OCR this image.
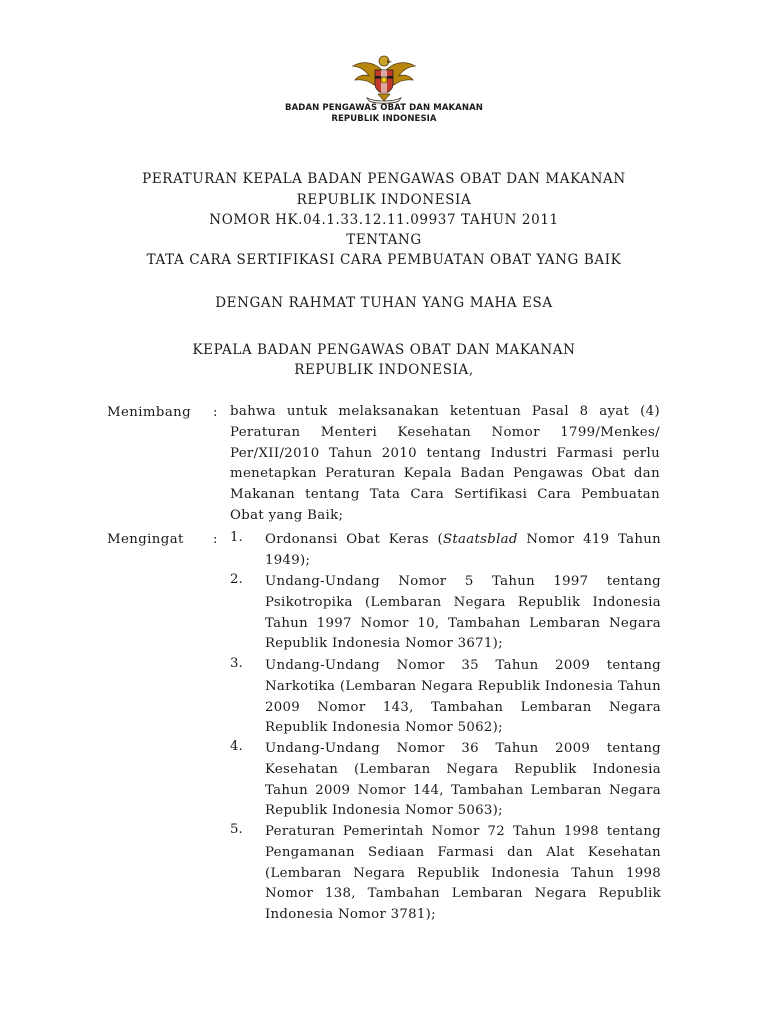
BADAN PENGAWAS OBAT DAN MAKANAN
REPUBLIK INDONESIA
PERATURAN KEPALA BADAN PENGAWAS OBAT DAN MAKANAN
REPUBLIK INDONESIA
NOMOR HK.04.1.33.12.11.09937 TAHUN 2011
TENTANG
TATA CARA SERTIFIKASI CARA PEMBUATAN OBAT YANG BAIK
DENGAN RAHMAT TUHAN YANG MAHA ESA
KEPALA BADAN PENGAWAS OBAT DAN MAKANAN
REPUBLIK INDONESIA,
Menimbang : bahwa untuk melaksanakan ketentuan Pasal 8 ayat (4) Peraturan Menteri Kesehatan Nomor 1799/Menkes/ Per/XII/2010 Tahun 2010 tentang Industri Farmasi perlu menetapkan Peraturan Kepala Badan Pengawas Obat dan Makanan tentang Tata Cara Sertifikasi Cara Pembuatan Obat yang Baik;
Mengingat : 1. Ordonansi Obat Keras (Staatsblad Nomor 419 Tahun 1949);
2. Undang-Undang Nomor 5 Tahun 1997 tentang Psikotropika (Lembaran Negara Republik Indonesia Tahun 1997 Nomor 10, Tambahan Lembaran Negara Republik Indonesia Nomor 3671);
3. Undang-Undang Nomor 35 Tahun 2009 tentang Narkotika (Lembaran Negara Republik Indonesia Tahun 2009 Nomor 143, Tambahan Lembaran Negara Republik Indonesia Nomor 5062);
4. Undang-Undang Nomor 36 Tahun 2009 tentang Kesehatan (Lembaran Negara Republik Indonesia Tahun 2009 Nomor 144, Tambahan Lembaran Negara Republik Indonesia Nomor 5063);
5. Peraturan Pemerintah Nomor 72 Tahun 1998 tentang Pengamanan Sediaan Farmasi dan Alat Kesehatan (Lembaran Negara Republik Indonesia Tahun 1998 Nomor 138, Tambahan Lembaran Negara Republik Indonesia Nomor 3781);
